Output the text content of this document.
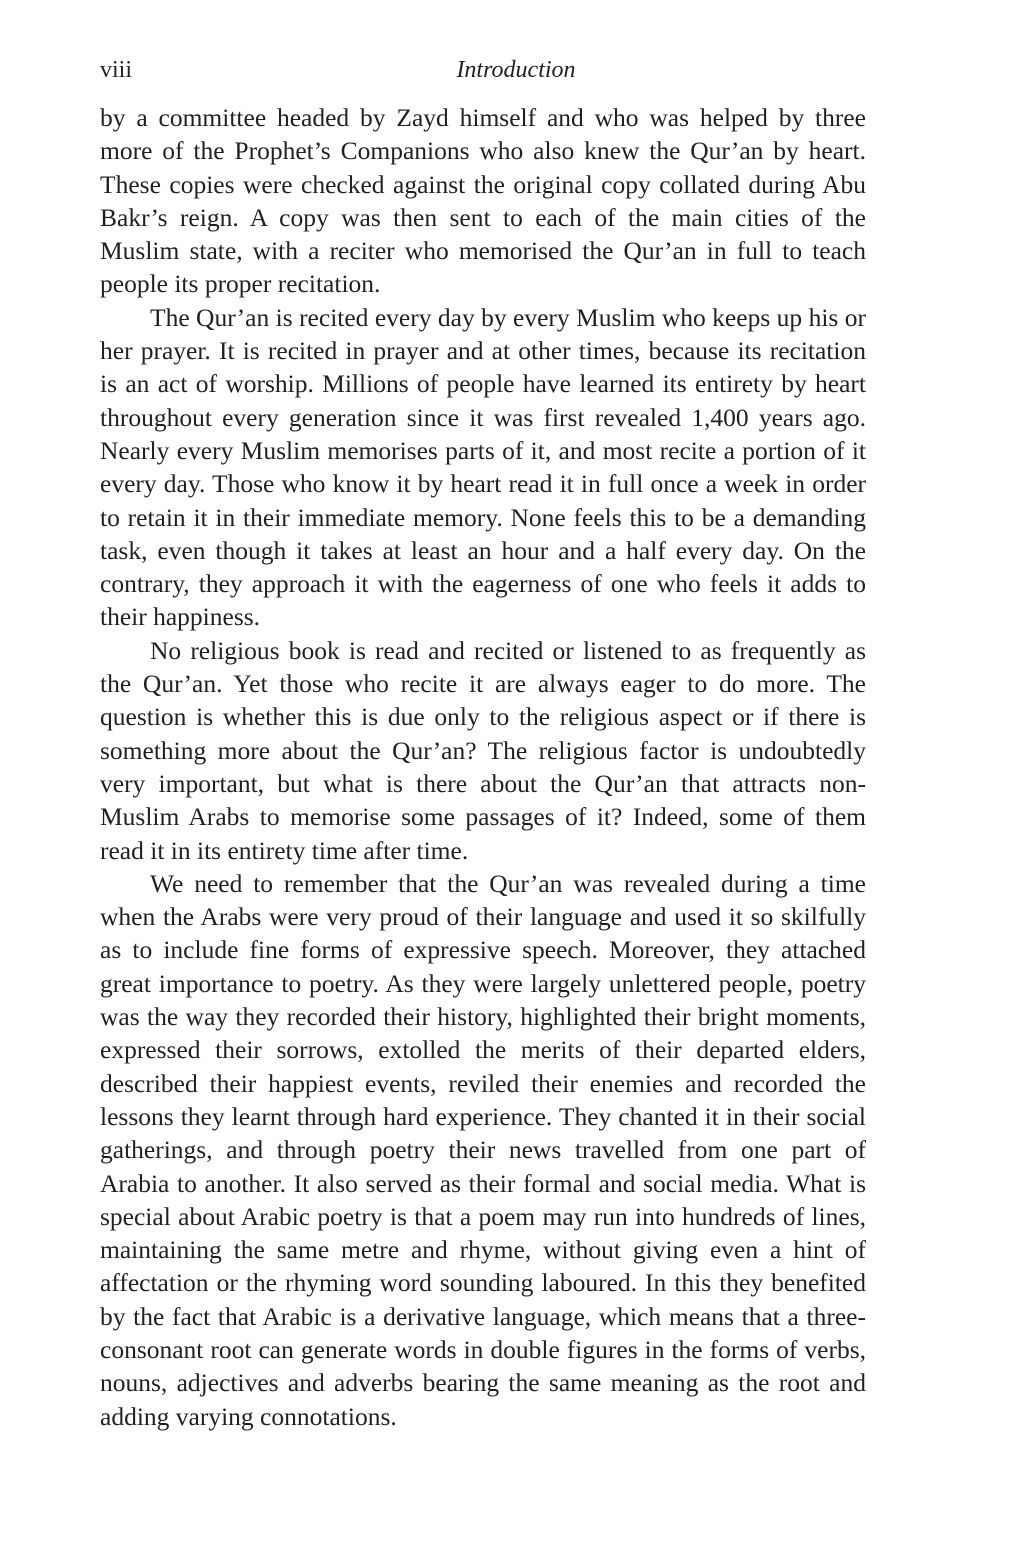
viii	Introduction

by a committee headed by Zayd himself and who was helped by three more of the Prophet’s Companions who also knew the Qur’an by heart. These copies were checked against the original copy collated during Abu Bakr’s reign. A copy was then sent to each of the main cities of the Muslim state, with a reciter who memorised the Qur’an in full to teach people its proper recitation.

The Qur’an is recited every day by every Muslim who keeps up his or her prayer. It is recited in prayer and at other times, because its recitation is an act of worship. Millions of people have learned its entirety by heart throughout every generation since it was first revealed 1,400 years ago. Nearly every Muslim memorises parts of it, and most recite a portion of it every day. Those who know it by heart read it in full once a week in order to retain it in their immediate memory. None feels this to be a demanding task, even though it takes at least an hour and a half every day. On the contrary, they approach it with the eagerness of one who feels it adds to their happiness.

No religious book is read and recited or listened to as frequently as the Qur’an. Yet those who recite it are always eager to do more. The question is whether this is due only to the religious aspect or if there is something more about the Qur’an? The religious factor is undoubtedly very important, but what is there about the Qur’an that attracts non-Muslim Arabs to memorise some passages of it? Indeed, some of them read it in its entirety time after time.

We need to remember that the Qur’an was revealed during a time when the Arabs were very proud of their language and used it so skilfully as to include fine forms of expressive speech. Moreover, they attached great importance to poetry. As they were largely unlettered people, poetry was the way they recorded their history, highlighted their bright moments, expressed their sorrows, extolled the merits of their departed elders, described their happiest events, reviled their enemies and recorded the lessons they learnt through hard experience. They chanted it in their social gatherings, and through poetry their news travelled from one part of Arabia to another. It also served as their formal and social media. What is special about Arabic poetry is that a poem may run into hundreds of lines, maintaining the same metre and rhyme, without giving even a hint of affectation or the rhyming word sounding laboured. In this they benefited by the fact that Arabic is a derivative language, which means that a three-consonant root can generate words in double figures in the forms of verbs, nouns, adjectives and adverbs bearing the same meaning as the root and adding varying connotations.
